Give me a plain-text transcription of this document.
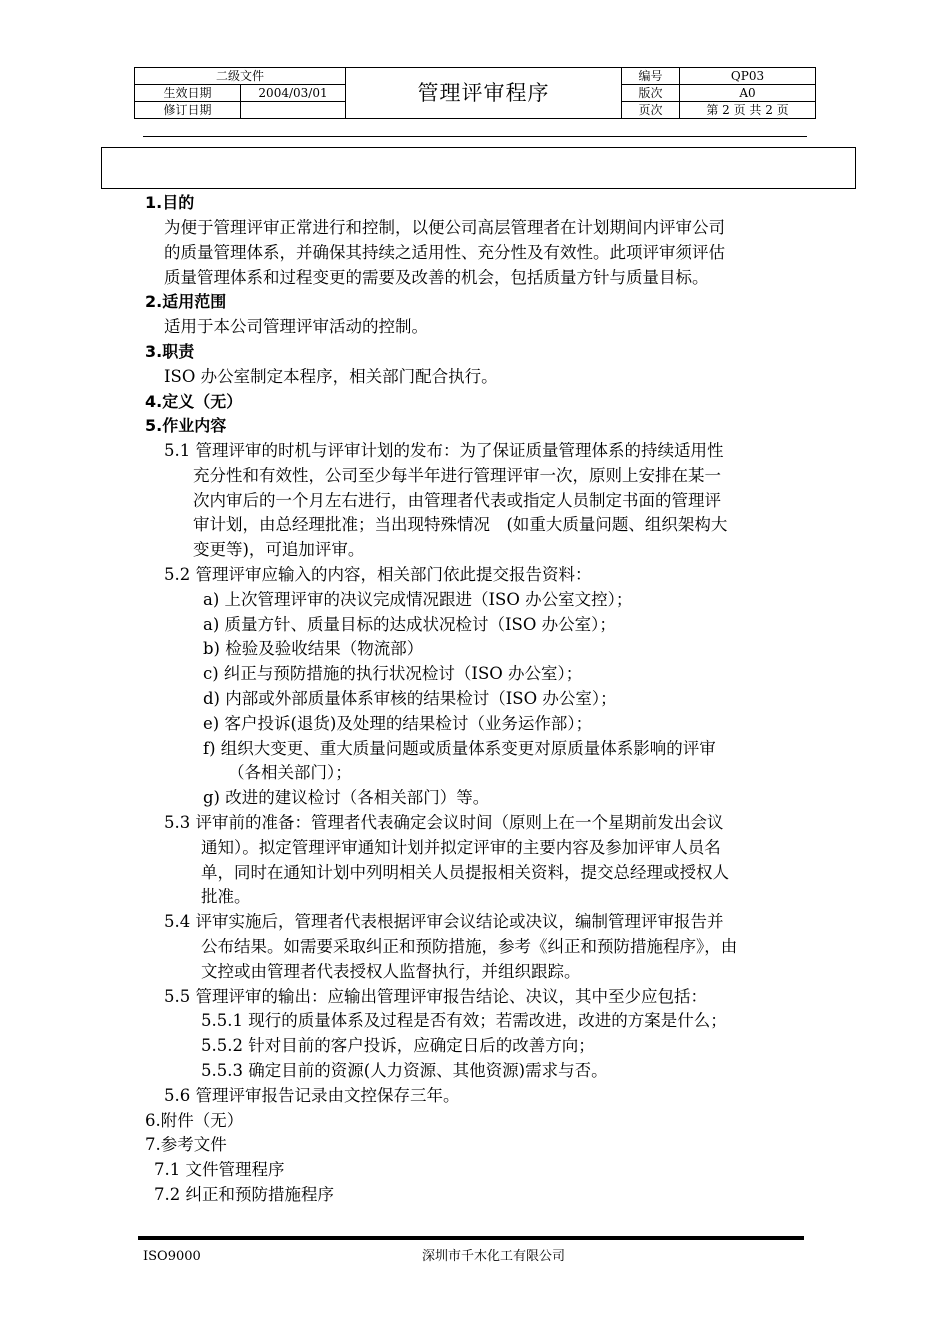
二级文件		管理评审程序	编号	QP03
生效日期	2004/03/01		版次	A0
修订日期			页次	第 2 页 共 2 页
1.目的
为便于管理评审正常进行和控制，以便公司高层管理者在计划期间内评审公司
的质量管理体系，并确保其持续之适用性、充分性及有效性。此项评审须评估
质量管理体系和过程变更的需要及改善的机会，包括质量方针与质量目标。
2.适用范围
适用于本公司管理评审活动的控制。
3.职责
ISO 办公室制定本程序，相关部门配合执行。
4.定义（无）
5.作业内容
5.1 管理评审的时机与评审计划的发布：为了保证质量管理体系的持续适用性
充分性和有效性，公司至少每半年进行管理评审一次，原则上安排在某一
次内审后的一个月左右进行，由管理者代表或指定人员制定书面的管理评
审计划，由总经理批准；当出现特殊情况　(如重大质量问题、组织架构大
变更等)，可追加评审。
5.2 管理评审应输入的内容，相关部门依此提交报告资料：
a) 上次管理评审的决议完成情况跟进（ISO 办公室文控）；
a) 质量方针、质量目标的达成状况检讨（ISO 办公室）；
b) 检验及验收结果（物流部）
c) 纠正与预防措施的执行状况检讨（ISO 办公室）；
d) 内部或外部质量体系审核的结果检讨（ISO 办公室）；
e) 客户投诉(退货)及处理的结果检讨（业务运作部）；
f) 组织大变更、重大质量问题或质量体系变更对原质量体系影响的评审
（各相关部门）；
g) 改进的建议检讨（各相关部门）等。
5.3 评审前的准备：管理者代表确定会议时间（原则上在一个星期前发出会议
通知）。拟定管理评审通知计划并拟定评审的主要内容及参加评审人员名
单，同时在通知计划中列明相关人员提报相关资料，提交总经理或授权人
批准。
5.4 评审实施后，管理者代表根据评审会议结论或决议，编制管理评审报告并
公布结果。如需要采取纠正和预防措施，参考《纠正和预防措施程序》，由
文控或由管理者代表授权人监督执行，并组织跟踪。
5.5 管理评审的输出：应输出管理评审报告结论、决议，其中至少应包括：
5.5.1 现行的质量体系及过程是否有效；若需改进，改进的方案是什么；
5.5.2 针对目前的客户投诉，应确定日后的改善方向；
5.5.3 确定目前的资源(人力资源、其他资源)需求与否。
5.6 管理评审报告记录由文控保存三年。
6.附件（无）
7.参考文件
7.1 文件管理程序
7.2 纠正和预防措施程序
ISO9000	深圳市千木化工有限公司
